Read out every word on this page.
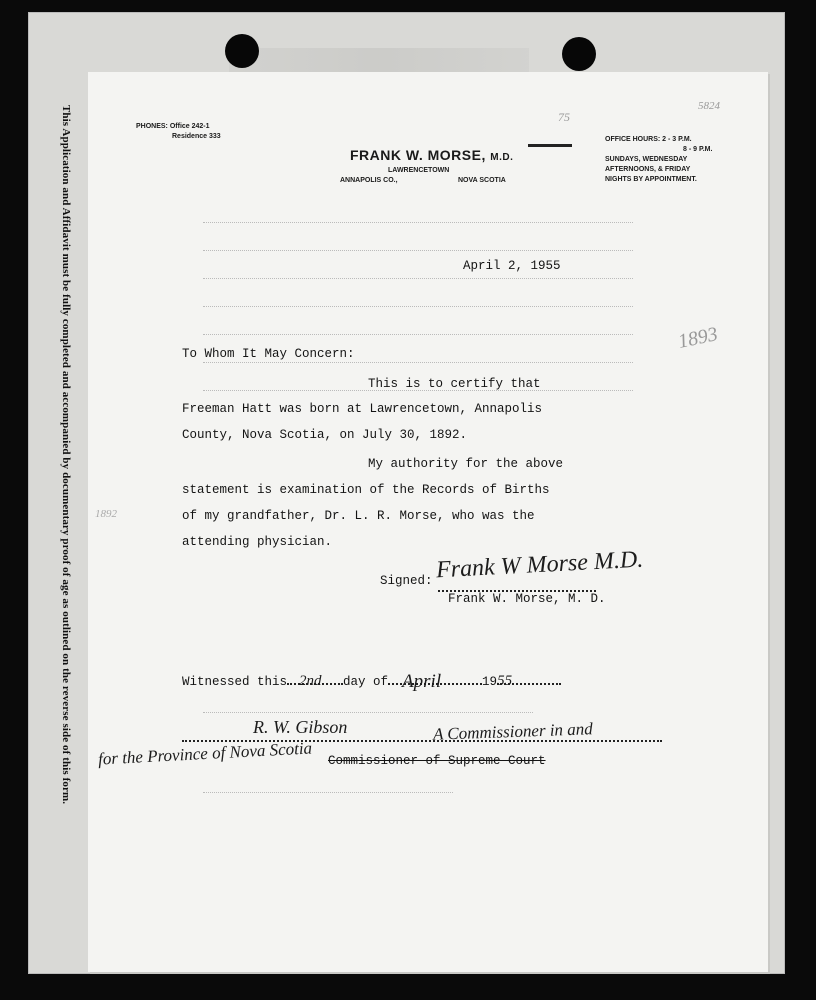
This Application and Affidavit must be fully completed and accompanied by documentary proof of age as outlined on the reverse side of this form.	PHONES: Office 242-1
Residence 333
FRANK W. MORSE, M.D.
LAWRENCETOWN
ANNAPOLIS CO.,	NOVA SCOTIA
OFFICE HOURS: 2 - 3 P.M.
8 - 9 P.M.
SUNDAYS, WEDNESDAY
AFTERNOONS, & FRIDAY
NIGHTS BY APPOINTMENT.
75
5824
1893
April 2, 1955
To Whom It May Concern:
This is to certify that
Freeman Hatt was born at Lawrencetown, Annapolis
County, Nova Scotia, on July 30, 1892.
My authority for the above
statement is examination of the Records of Births
of my grandfather, Dr. L. R. Morse, who was the
attending physician.
Signed: Frank W Morse M.D.
Frank W. Morse, M. D.
Witnessed this 2nd day of April	19 55
R. W. Gibson	A Commissioner in and
for the Province of Nova Scotia Commissioner of Supreme Court
1892
